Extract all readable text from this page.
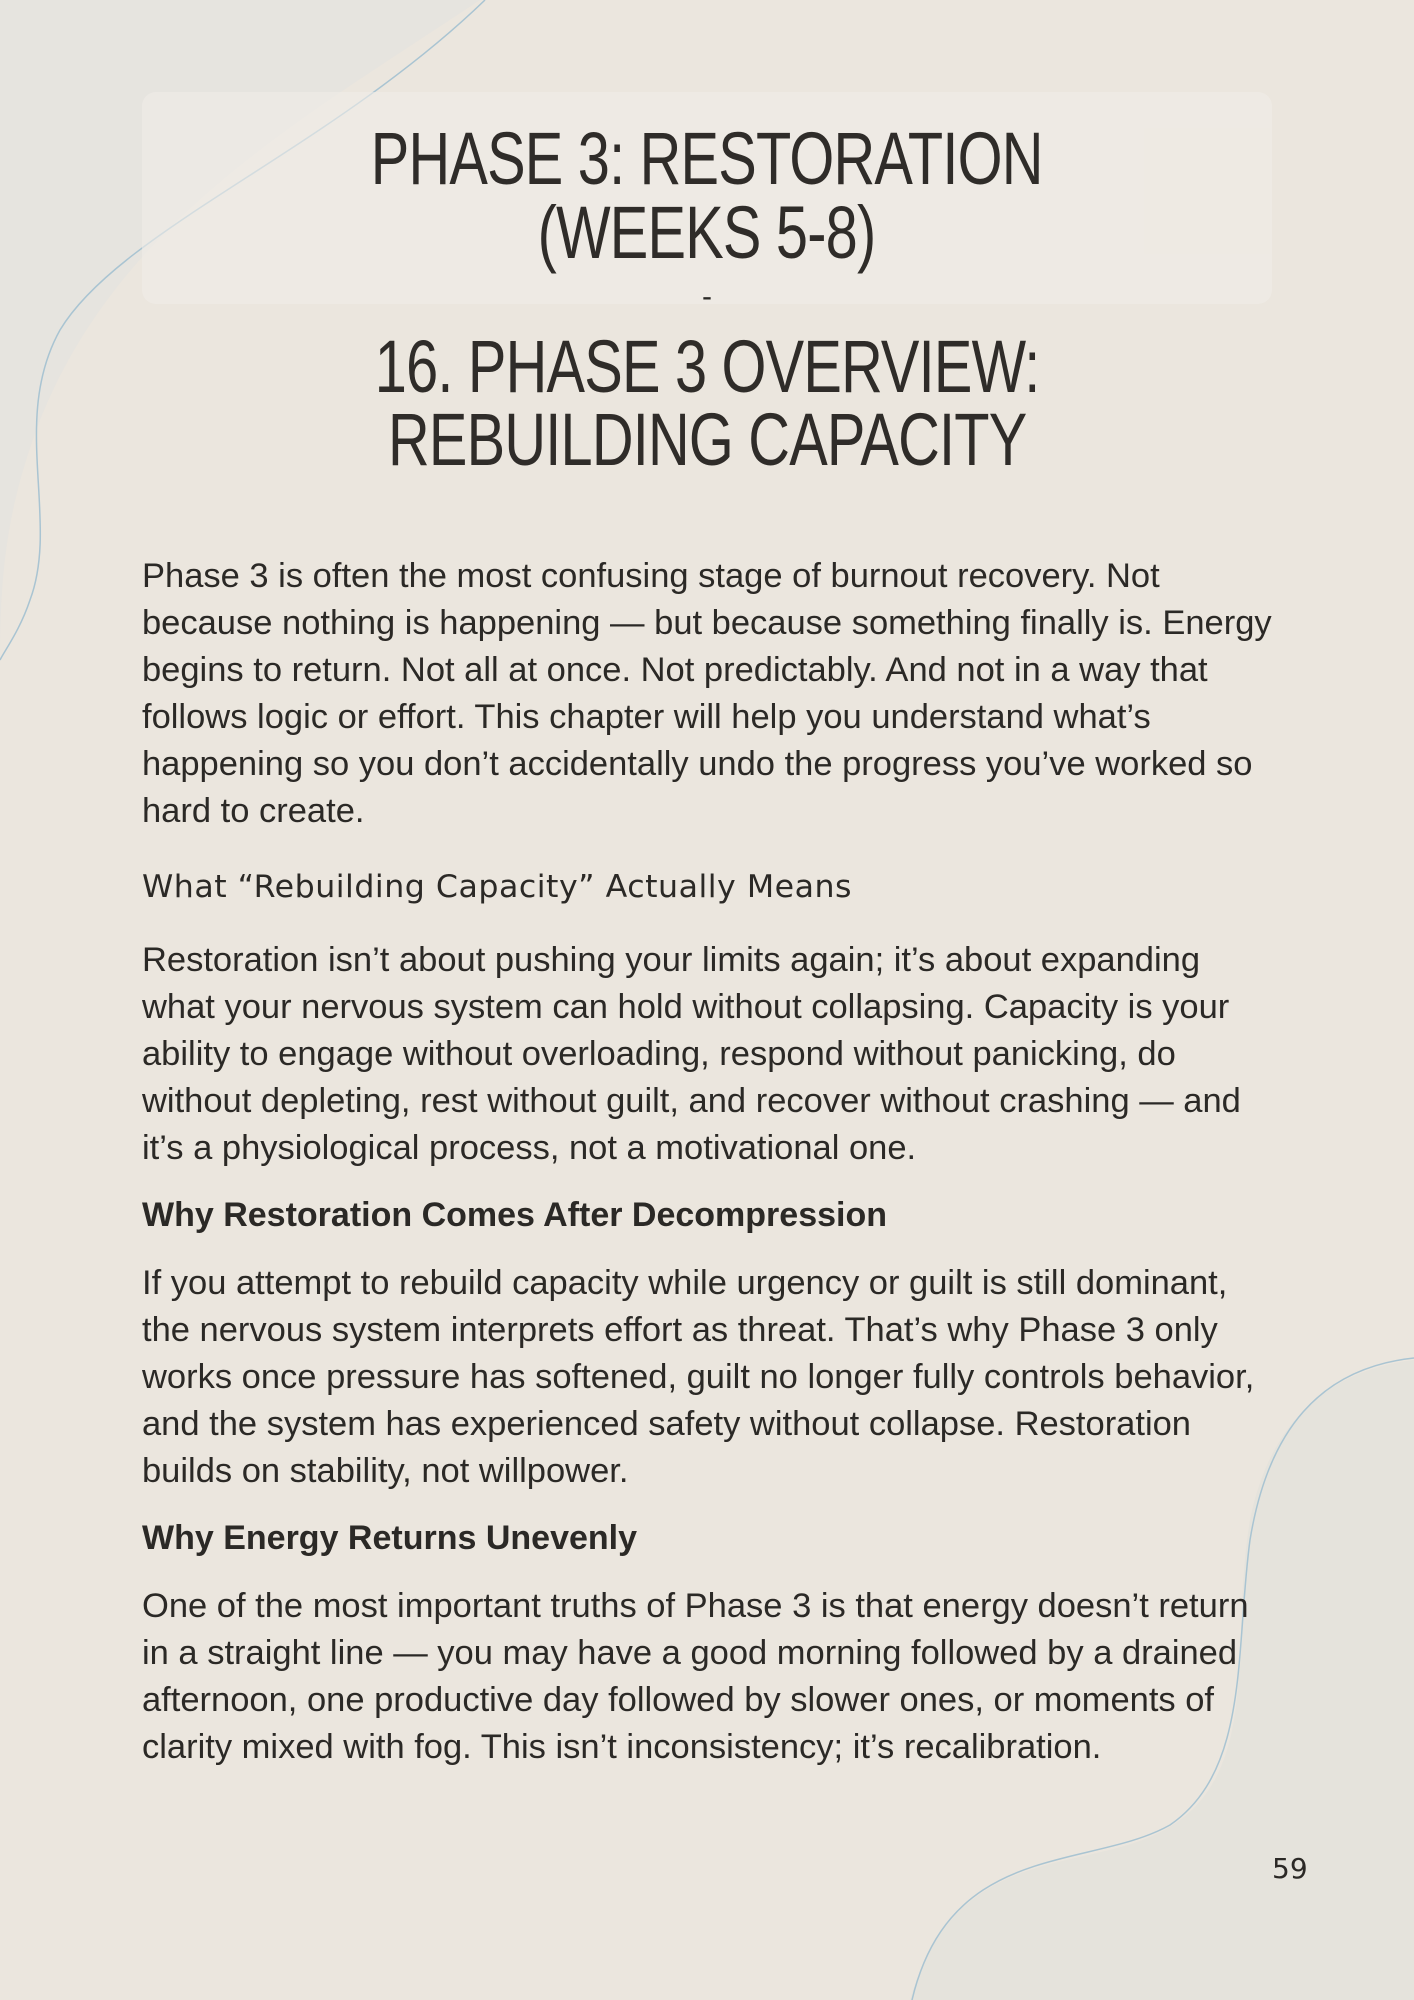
PHASE 3: RESTORATION
(WEEKS 5-8)
-
16. PHASE 3 OVERVIEW:
REBUILDING CAPACITY

Phase 3 is often the most confusing stage of burnout recovery. Not because nothing is happening — but because something finally is. Energy begins to return. Not all at once. Not predictably. And not in a way that follows logic or effort. This chapter will help you understand what’s happening so you don’t accidentally undo the progress you’ve worked so hard to create.

What “Rebuilding Capacity” Actually Means

Restoration isn’t about pushing your limits again; it’s about expanding what your nervous system can hold without collapsing. Capacity is your ability to engage without overloading, respond without panicking, do without depleting, rest without guilt, and recover without crashing — and it’s a physiological process, not a motivational one.

Why Restoration Comes After Decompression

If you attempt to rebuild capacity while urgency or guilt is still dominant, the nervous system interprets effort as threat. That’s why Phase 3 only works once pressure has softened, guilt no longer fully controls behavior, and the system has experienced safety without collapse. Restoration builds on stability, not willpower.

Why Energy Returns Unevenly

One of the most important truths of Phase 3 is that energy doesn’t return in a straight line — you may have a good morning followed by a drained afternoon, one productive day followed by slower ones, or moments of clarity mixed with fog. This isn’t inconsistency; it’s recalibration.

59
